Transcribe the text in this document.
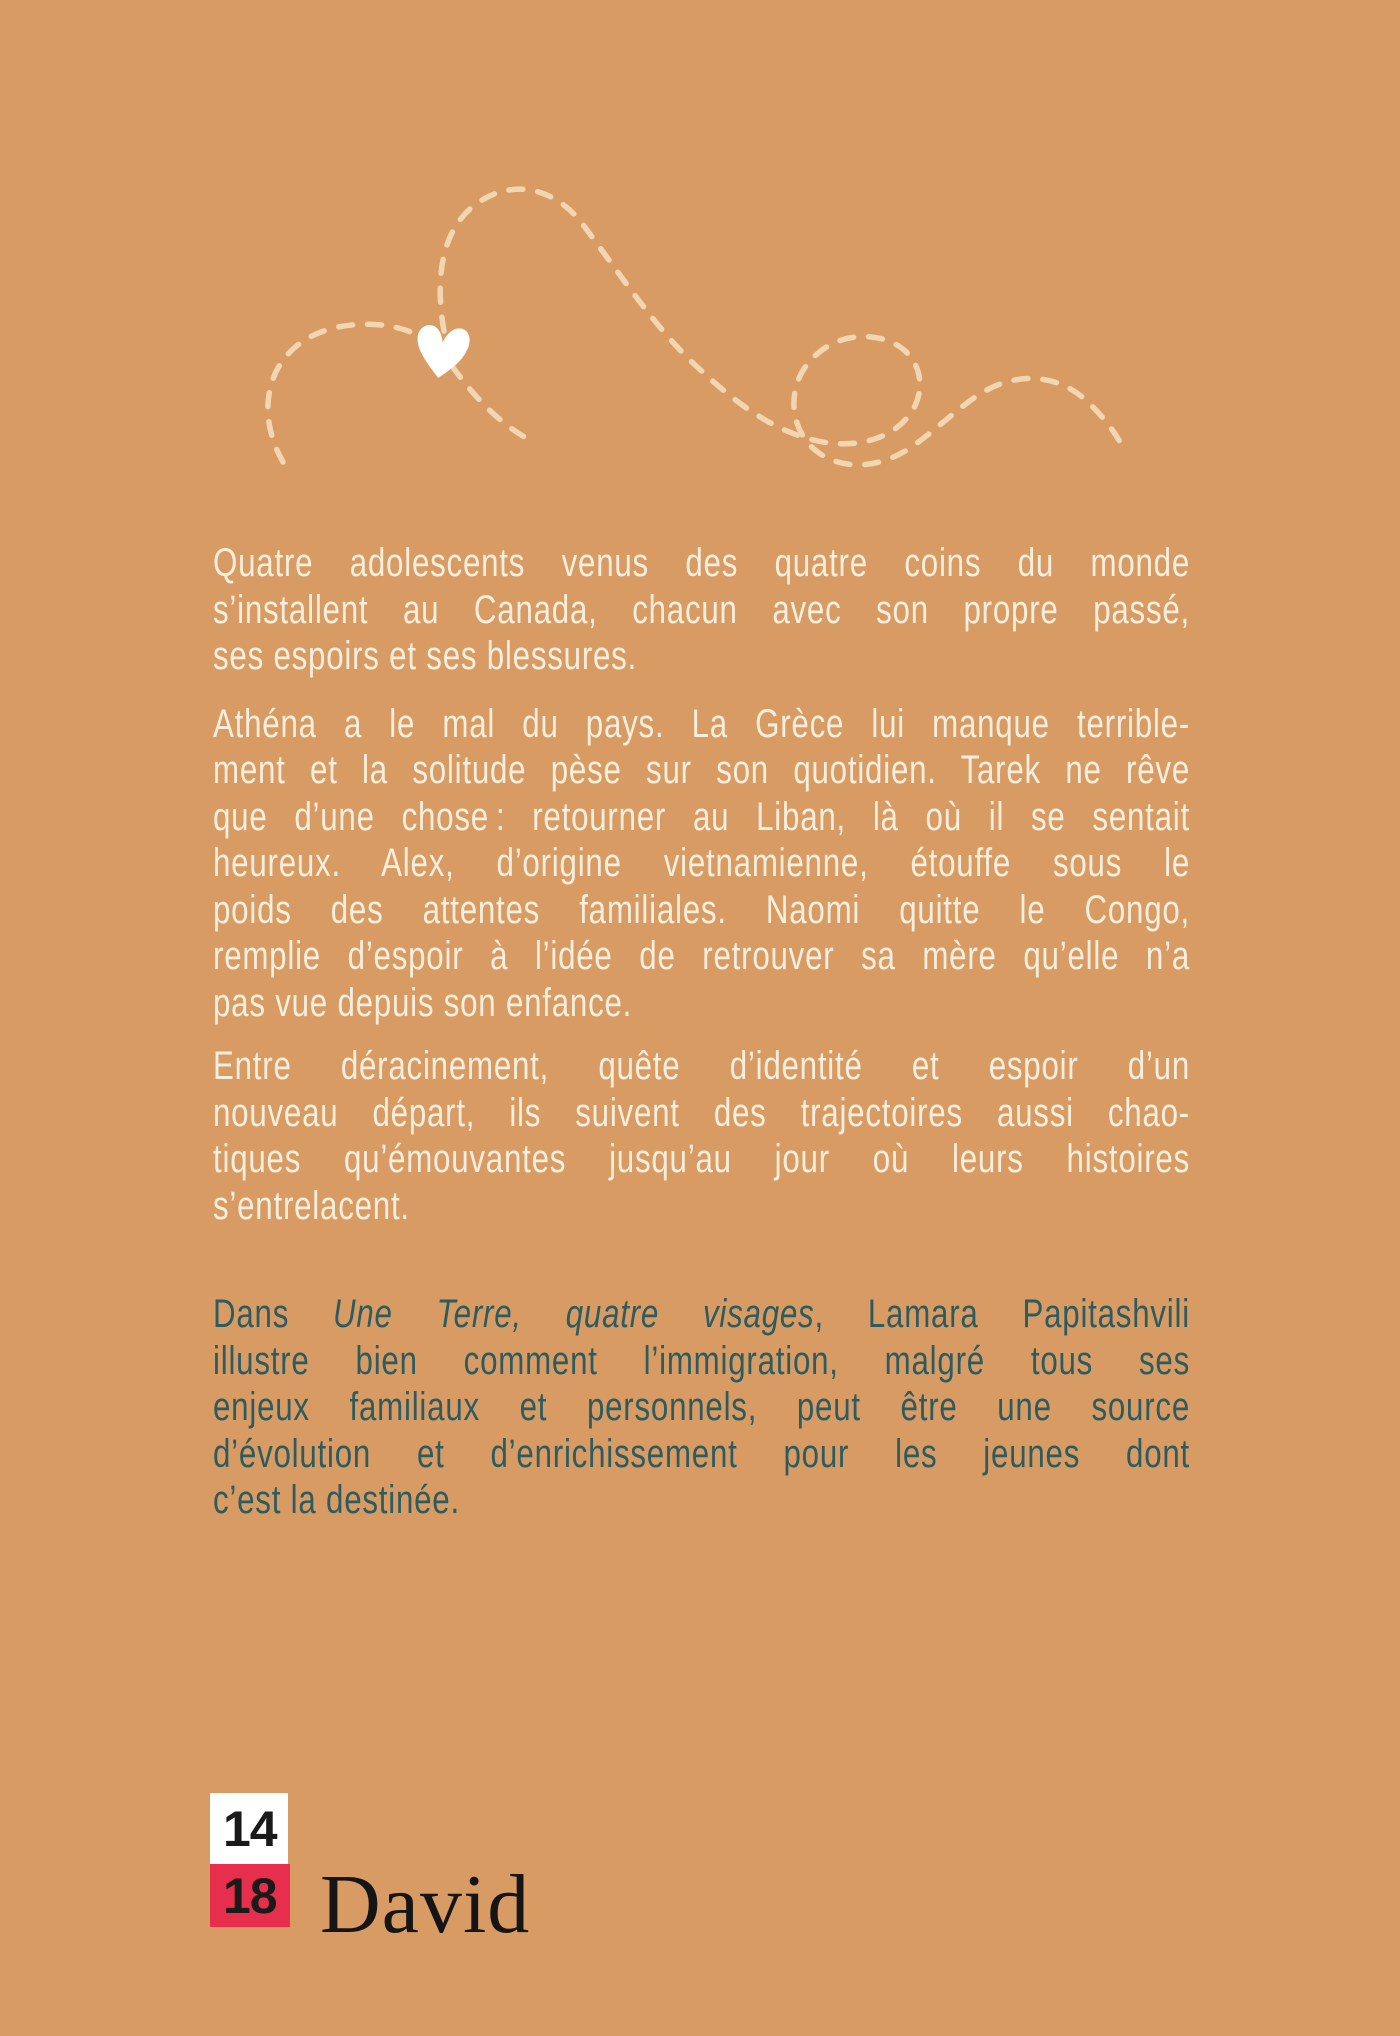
Quatre adolescents venus des quatre coins du monde
s’installent au Canada, chacun avec son propre passé,
ses espoirs et ses blessures.
Athéna a le mal du pays. La Grèce lui manque terrible-
ment et la solitude pèse sur son quotidien. Tarek ne rêve
que d’une chose : retourner au Liban, là où il se sentait
heureux. Alex, d’origine vietnamienne, étouffe sous le
poids des attentes familiales. Naomi quitte le Congo,
remplie d’espoir à l’idée de retrouver sa mère qu’elle n’a
pas vue depuis son enfance.
Entre déracinement, quête d’identité et espoir d’un
nouveau départ, ils suivent des trajectoires aussi chao-
tiques qu’émouvantes jusqu’au jour où leurs histoires
s’entrelacent.
Dans Une Terre, quatre visages, Lamara Papitashvili
illustre bien comment l’immigration, malgré tous ses
enjeux familiaux et personnels, peut être une source
d’évolution et d’enrichissement pour les jeunes dont
c’est la destinée.
14
18 David
